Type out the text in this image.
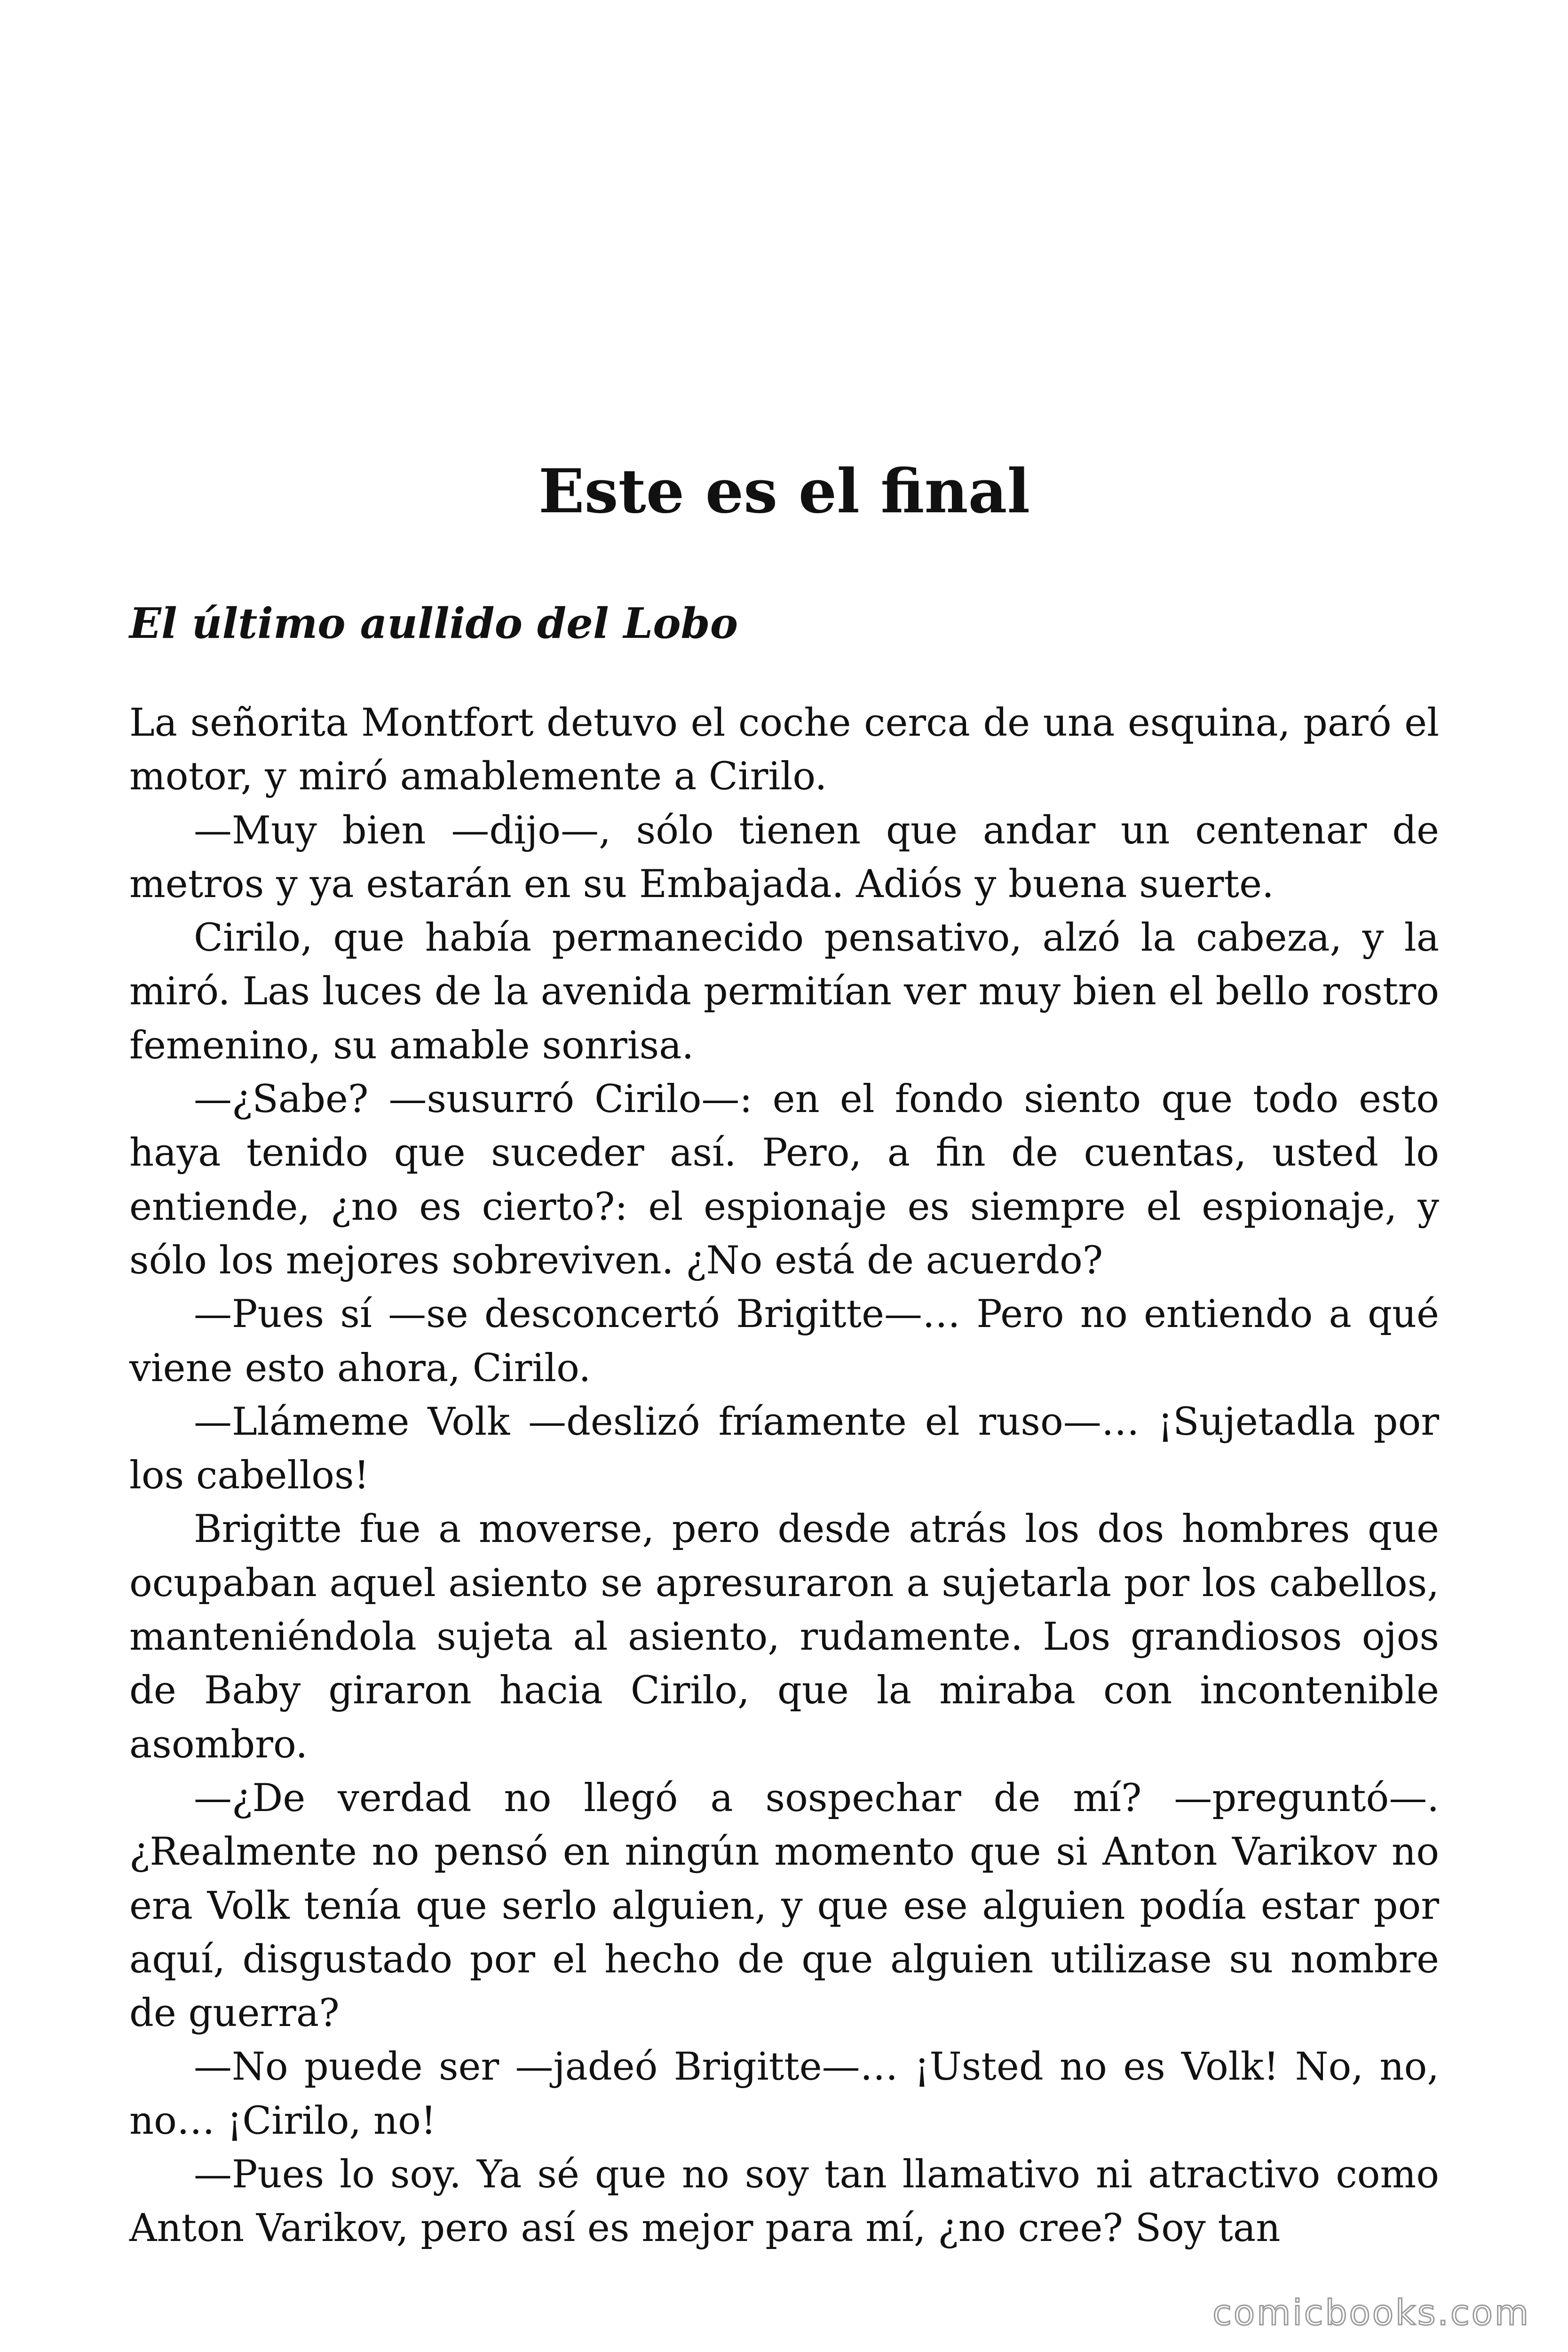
Este es el final
El último aullido del Lobo

La señorita Montfort detuvo el coche cerca de una esquina, paró el motor, y miró amablemente a Cirilo.

—Muy bien —dijo—, sólo tienen que andar un centenar de metros y ya estarán en su Embajada. Adiós y buena suerte.

Cirilo, que había permanecido pensativo, alzó la cabeza, y la miró. Las luces de la avenida permitían ver muy bien el bello rostro femenino, su amable sonrisa.

—¿Sabe? —susurró Cirilo—: en el fondo siento que todo esto haya tenido que suceder así. Pero, a fin de cuentas, usted lo entiende, ¿no es cierto?: el espionaje es siempre el espionaje, y sólo los mejores sobreviven. ¿No está de acuerdo?

—Pues sí —se desconcertó Brigitte—… Pero no entiendo a qué viene esto ahora, Cirilo.

—Llámeme Volk —deslizó fríamente el ruso—… ¡Sujetadla por los cabellos!

Brigitte fue a moverse, pero desde atrás los dos hombres que ocupaban aquel asiento se apresuraron a sujetarla por los cabellos, manteniéndola sujeta al asiento, rudamente. Los grandiosos ojos de Baby giraron hacia Cirilo, que la miraba con incontenible asombro.

—¿De verdad no llegó a sospechar de mí? —preguntó—. ¿Realmente no pensó en ningún momento que si Anton Varikov no era Volk tenía que serlo alguien, y que ese alguien podía estar por aquí, disgustado por el hecho de que alguien utilizase su nombre de guerra?

—No puede ser —jadeó Brigitte—… ¡Usted no es Volk! No, no, no… ¡Cirilo, no!

—Pues lo soy. Ya sé que no soy tan llamativo ni atractivo como Anton Varikov, pero así es mejor para mí, ¿no cree? Soy tan

comicbooks.com
